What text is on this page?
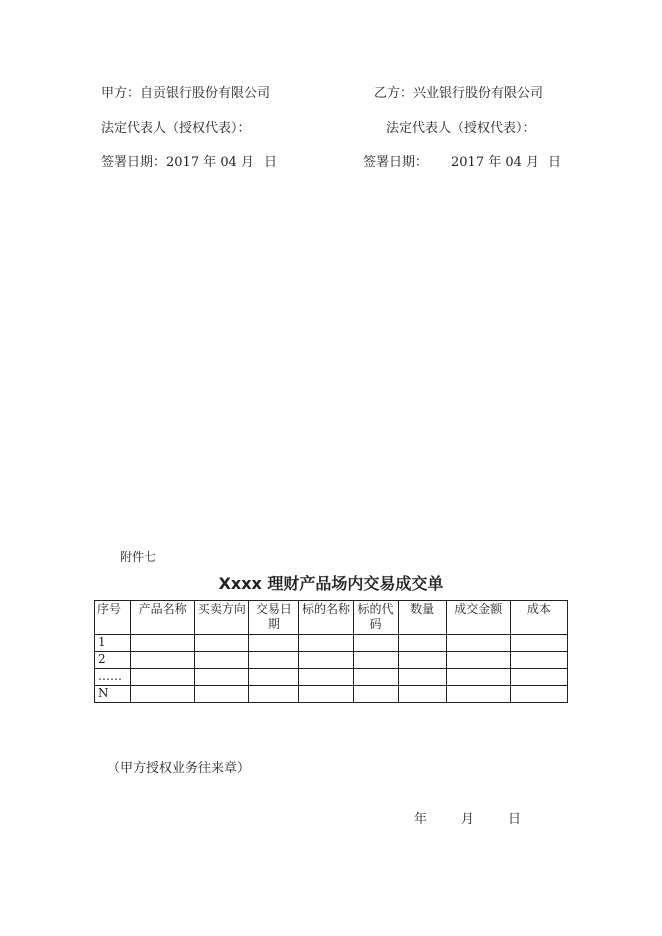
甲方：自贡银行股份有限公司	乙方：兴业银行股份有限公司
法定代表人（授权代表）：	法定代表人（授权代表）：
签署日期： 2017 年 04 月 日	签署日期： 2017 年 04 月 日
附件七
Xxxx 理财产品场内交易成交单
序号	产品名称	买卖方向	交易日期	标的名称	标的代码	数量	成交金额	成本
1								
2								
……								
N								
（甲方授权业务往来章）
年	月	日
